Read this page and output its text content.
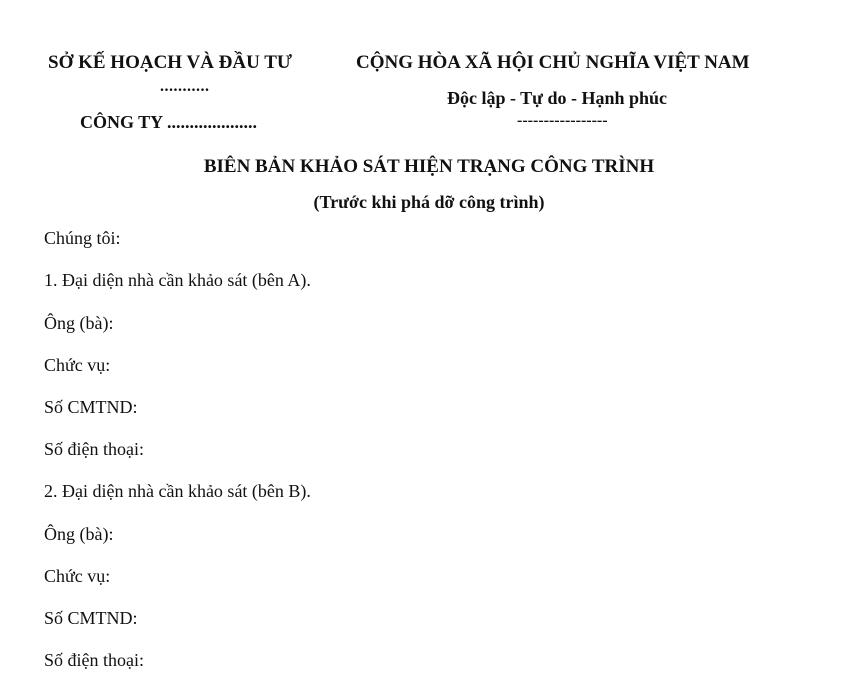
SỞ KẾ HOẠCH VÀ ĐẦU TƯ
...........
CÔNG TY ....................
CỘNG HÒA XÃ HỘI CHỦ NGHĨA VIỆT NAM
Độc lập - Tự do - Hạnh phúc
-----------------
BIÊN BẢN KHẢO SÁT HIỆN TRẠNG CÔNG TRÌNH
(Trước khi phá dỡ công trình)
Chúng tôi:
1. Đại diện nhà cần khảo sát (bên A).
Ông (bà):
Chức vụ:
Số CMTND:
Số điện thoại:
2. Đại diện nhà cần khảo sát (bên B).
Ông (bà):
Chức vụ:
Số CMTND:
Số điện thoại:
